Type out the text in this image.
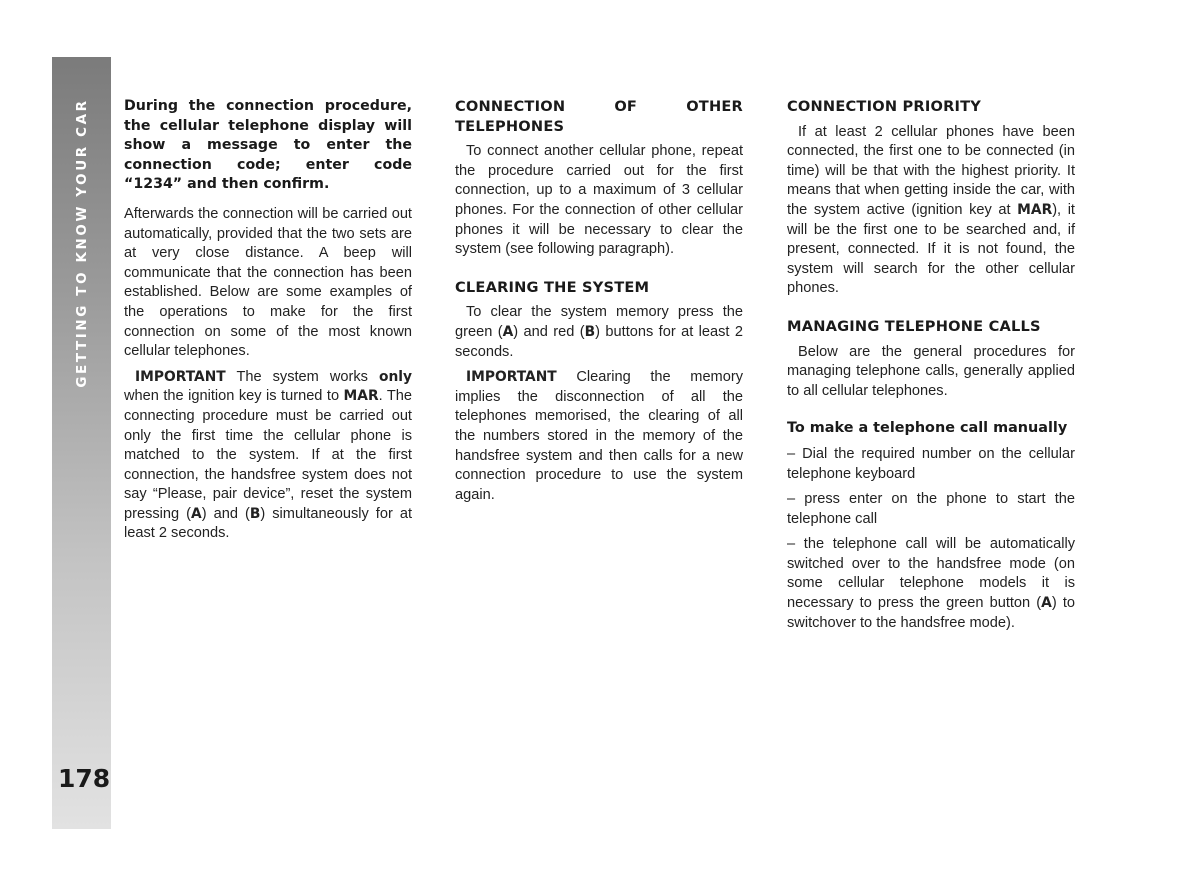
GETTING TO KNOW YOUR CAR
178
During the connection procedure, the cellular telephone display will show a message to enter the connection code; enter code “1234” and then confirm.

Afterwards the connection will be carried out automatically, provided that the two sets are at very close distance. A beep will communicate that the connection has been established. Below are some examples of the operations to make for the first connection on some of the most known cellular telephones.

IMPORTANT The system works only when the ignition key is turned to MAR. The connecting procedure must be carried out only the first time the cellular phone is matched to the system. If at the first connection, the handsfree system does not say “Please, pair device”, reset the system pressing (A) and (B) simultaneously for at least 2 seconds.

CONNECTION OF OTHER TELEPHONES

To connect another cellular phone, repeat the procedure carried out for the first connection, up to a maximum of 3 cellular phones. For the connection of other cellular phones it will be necessary to clear the system (see following paragraph).

CLEARING THE SYSTEM

To clear the system memory press the green (A) and red (B) buttons for at least 2 seconds.

IMPORTANT Clearing the memory implies the disconnection of all the telephones memorised, the clearing of all the numbers stored in the memory of the handsfree system and then calls for a new connection procedure to use the system again.

CONNECTION PRIORITY

If at least 2 cellular phones have been connected, the first one to be connected (in time) will be that with the highest priority. It means that when getting inside the car, with the system active (ignition key at MAR), it will be the first one to be searched and, if present, connected. If it is not found, the system will search for the other cellular phones.

MANAGING TELEPHONE CALLS

Below are the general procedures for managing telephone calls, generally applied to all cellular telephones.

To make a telephone call manually

– Dial the required number on the cellular telephone keyboard

– press enter on the phone to start the telephone call

– the telephone call will be automatically switched over to the handsfree mode (on some cellular telephone models it is necessary to press the green button (A) to switchover to the handsfree mode).
